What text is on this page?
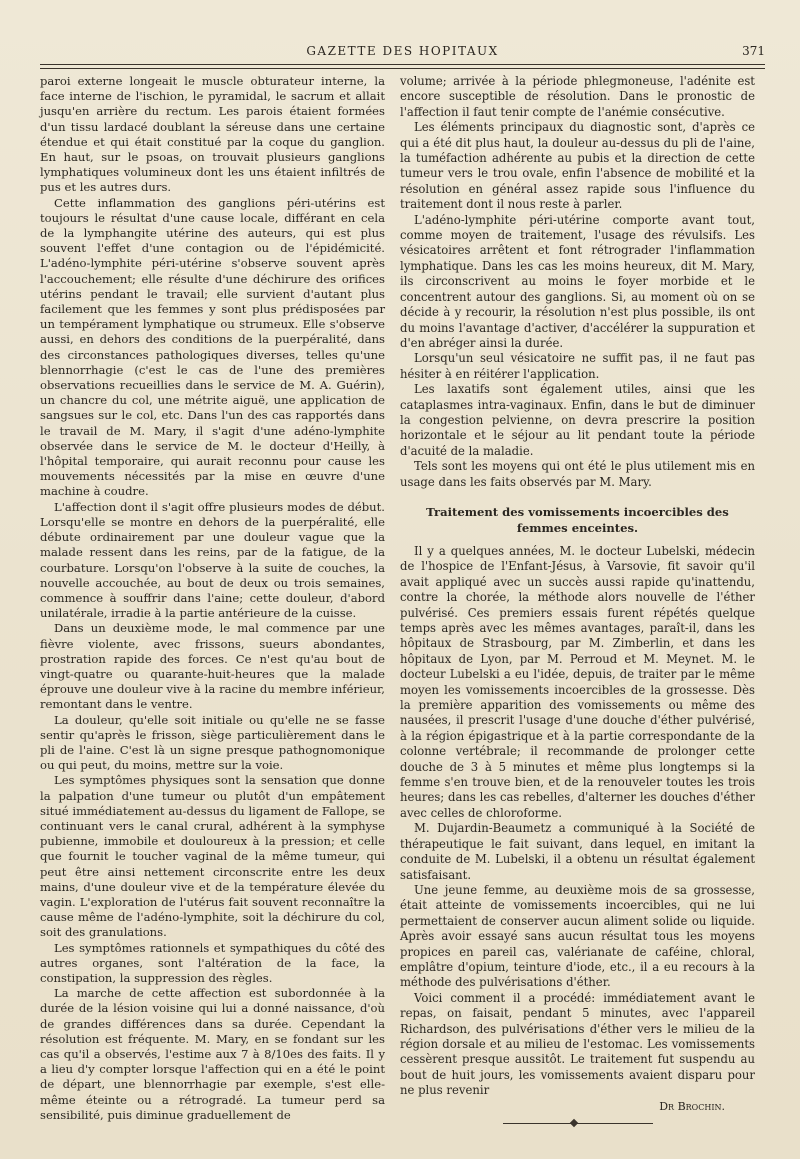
GAZETTE DES HOPITAUX	371

paroi externe longeait le muscle obturateur interne, la face interne de l'ischion, le pyramidal, le sacrum et allait jusqu'en arrière du rectum. Les parois étaient formées d'un tissu lardacé doublant la séreuse dans une certaine étendue et qui était constitué par la coque du ganglion. En haut, sur le psoas, on trouvait plusieurs ganglions lymphatiques volumineux dont les uns étaient infiltrés de pus et les autres durs.

Cette inflammation des ganglions péri-utérins est toujours le résultat d'une cause locale, différant en cela de la lymphangite utérine des auteurs, qui est plus souvent l'effet d'une contagion ou de l'épidémicité. L'adéno-lymphite péri-utérine s'observe souvent après l'accouchement; elle résulte d'une déchirure des orifices utérins pendant le travail; elle survient d'autant plus facilement que les femmes y sont plus prédisposées par un tempérament lymphatique ou strumeux. Elle s'observe aussi, en dehors des conditions de la puerpéralité, dans des circonstances pathologiques diverses, telles qu'une blennorrhagie (c'est le cas de l'une des premières observations recueillies dans le service de M. A. Guérin), un chancre du col, une métrite aiguë, une application de sangsues sur le col, etc. Dans l'un des cas rapportés dans le travail de M. Mary, il s'agit d'une adéno-lymphite observée dans le service de M. le docteur d'Heilly, à l'hôpital temporaire, qui aurait reconnu pour cause les mouvements nécessités par la mise en œuvre d'une machine à coudre.

L'affection dont il s'agit offre plusieurs modes de début. Lorsqu'elle se montre en dehors de la puerpéralité, elle débute ordinairement par une douleur vague que la malade ressent dans les reins, par de la fatigue, de la courbature. Lorsqu'on l'observe à la suite de couches, la nouvelle accouchée, au bout de deux ou trois semaines, commence à souffrir dans l'aine; cette douleur, d'abord unilatérale, irradie à la partie antérieure de la cuisse.

Dans un deuxième mode, le mal commence par une fièvre violente, avec frissons, sueurs abondantes, prostration rapide des forces. Ce n'est qu'au bout de vingt-quatre ou quarante-huit-heures que la malade éprouve une douleur vive à la racine du membre inférieur, remontant dans le ventre.

La douleur, qu'elle soit initiale ou qu'elle ne se fasse sentir qu'après le frisson, siège particulièrement dans le pli de l'aine. C'est là un signe presque pathognomonique ou qui peut, du moins, mettre sur la voie.

Les symptômes physiques sont la sensation que donne la palpation d'une tumeur ou plutôt d'un empâtement situé immédiatement au-dessus du ligament de Fallope, se continuant vers le canal crural, adhérent à la symphyse pubienne, immobile et douloureux à la pression; et celle que fournit le toucher vaginal de la même tumeur, qui peut être ainsi nettement circonscrite entre les deux mains, d'une douleur vive et de la température élevée du vagin. L'exploration de l'utérus fait souvent reconnaître la cause même de l'adéno-lymphite, soit la déchirure du col, soit des granulations.

Les symptômes rationnels et sympathiques du côté des autres organes, sont l'altération de la face, la constipation, la suppression des règles.

La marche de cette affection est subordonnée à la durée de la lésion voisine qui lui a donné naissance, d'où de grandes différences dans sa durée. Cependant la résolution est fréquente. M. Mary, en se fondant sur les cas qu'il a observés, l'estime aux 7 à 8/10es des faits. Il y a lieu d'y compter lorsque l'affection qui en a été le point de départ, une blennorrhagie par exemple, s'est elle-même éteinte ou a rétrogradé. La tumeur perd sa sensibilité, puis diminue graduellement de

volume; arrivée à la période phlegmoneuse, l'adénite est encore susceptible de résolution. Dans le pronostic de l'affection il faut tenir compte de l'anémie consécutive.

Les éléments principaux du diagnostic sont, d'après ce qui a été dit plus haut, la douleur au-dessus du pli de l'aine, la tuméfaction adhérente au pubis et la direction de cette tumeur vers le trou ovale, enfin l'absence de mobilité et la résolution en général assez rapide sous l'influence du traitement dont il nous reste à parler.

L'adéno-lymphite péri-utérine comporte avant tout, comme moyen de traitement, l'usage des révulsifs. Les vésicatoires arrêtent et font rétrograder l'inflammation lymphatique. Dans les cas les moins heureux, dit M. Mary, ils circonscrivent au moins le foyer morbide et le concentrent autour des ganglions. Si, au moment où on se décide à y recourir, la résolution n'est plus possible, ils ont du moins l'avantage d'activer, d'accélérer la suppuration et d'en abréger ainsi la durée.

Lorsqu'un seul vésicatoire ne suffit pas, il ne faut pas hésiter à en réitérer l'application.

Les laxatifs sont également utiles, ainsi que les cataplasmes intra-vaginaux. Enfin, dans le but de diminuer la congestion pelvienne, on devra prescrire la position horizontale et le séjour au lit pendant toute la période d'acuité de la maladie.

Tels sont les moyens qui ont été le plus utilement mis en usage dans les faits observés par M. Mary.

Traitement des vomissements incoercibles des femmes enceintes.

Il y a quelques années, M. le docteur Lubelski, médecin de l'hospice de l'Enfant-Jésus, à Varsovie, fit savoir qu'il avait appliqué avec un succès aussi rapide qu'inattendu, contre la chorée, la méthode alors nouvelle de l'éther pulvérisé. Ces premiers essais furent répétés quelque temps après avec les mêmes avantages, paraît-il, dans les hôpitaux de Strasbourg, par M. Zimberlin, et dans les hôpitaux de Lyon, par M. Perroud et M. Meynet. M. le docteur Lubelski a eu l'idée, depuis, de traiter par le même moyen les vomissements incoercibles de la grossesse. Dès la première apparition des vomissements ou même des nausées, il prescrit l'usage d'une douche d'éther pulvérisé, à la région épigastrique et à la partie correspondante de la colonne vertébrale; il recommande de prolonger cette douche de 3 à 5 minutes et même plus longtemps si la femme s'en trouve bien, et de la renouveler toutes les trois heures; dans les cas rebelles, d'alterner les douches d'éther avec celles de chloroforme.

M. Dujardin-Beaumetz a communiqué à la Société de thérapeutique le fait suivant, dans lequel, en imitant la conduite de M. Lubelski, il a obtenu un résultat également satisfaisant.

Une jeune femme, au deuxième mois de sa grossesse, était atteinte de vomissements incoercibles, qui ne lui permettaient de conserver aucun aliment solide ou liquide. Après avoir essayé sans aucun résultat tous les moyens propices en pareil cas, valérianate de caféine, chloral, emplâtre d'opium, teinture d'iode, etc., il a eu recours à la méthode des pulvérisations d'éther.

Voici comment il a procédé: immédiatement avant le repas, on faisait, pendant 5 minutes, avec l'appareil Richardson, des pulvérisations d'éther vers le milieu de la région dorsale et au milieu de l'estomac. Les vomissements cessèrent presque aussitôt. Le traitement fut suspendu au bout de huit jours, les vomissements avaient disparu pour ne plus revenir

Dr Brochin.
